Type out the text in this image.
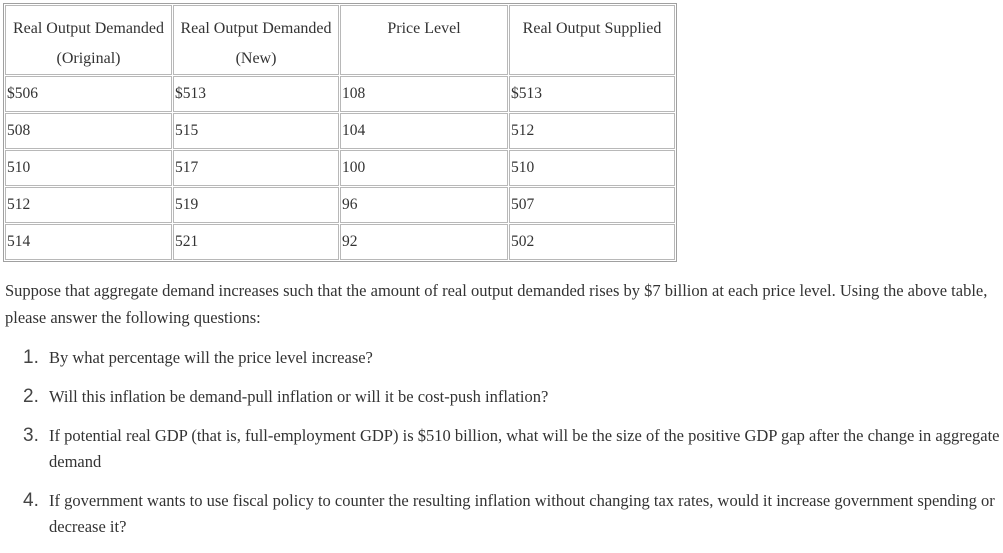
Real Output Demanded (Original)	Real Output Demanded (New)	Price Level	Real Output Supplied
$506	$513	108	$513
508	515	104	512
510	517	100	510
512	519	96	507
514	521	92	502

Suppose that aggregate demand increases such that the amount of real output demanded rises by $7 billion at each price level. Using the above table, please answer the following questions:

1. By what percentage will the price level increase?
2. Will this inflation be demand-pull inflation or will it be cost-push inflation?
3. If potential real GDP (that is, full-employment GDP) is $510 billion, what will be the size of the positive GDP gap after the change in aggregate demand
4. If government wants to use fiscal policy to counter the resulting inflation without changing tax rates, would it increase government spending or decrease it?
